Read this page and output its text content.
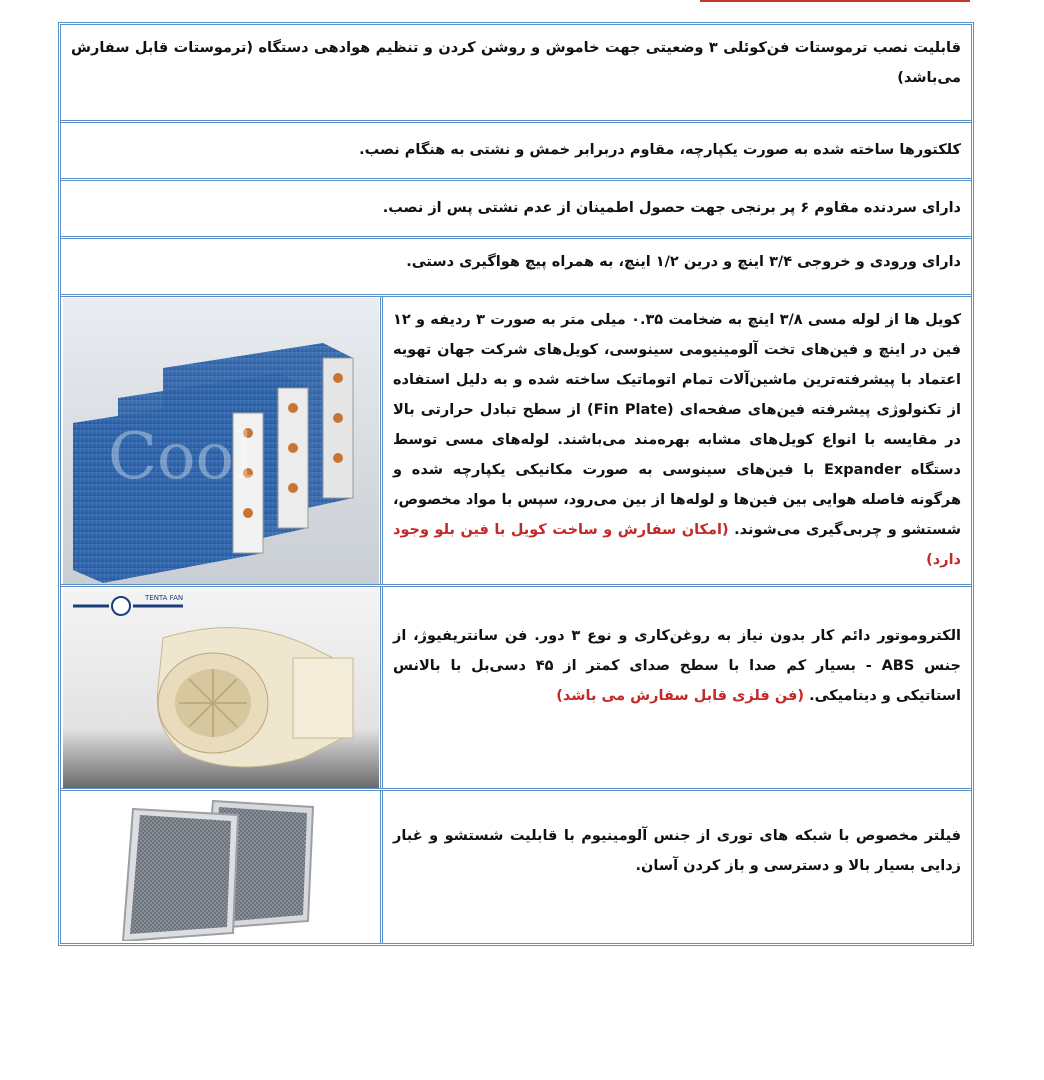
قابلیت نصب ترموستات فن‌کوئلی ۳ وضعیتی جهت خاموش و روشن کردن و تنظیم هوادهی دستگاه (ترموستات قابل سفارش می‌باشد)
کلکتورها ساخته شده به صورت یکپارچه، مقاوم دربرابر خمش و نشتی به هنگام نصب.
دارای سردنده مقاوم ۶ پر برنجی جهت حصول اطمینان از عدم نشتی پس از نصب.
دارای ورودی و خروجی ۳/۴ اینچ و درین ۱/۲ اینچ، به همراه پیچ هواگیری دستی.
Cool
کویل ها از لوله مسی ۳/۸ اینچ به ضخامت ۰.۳۵ میلی متر به صورت ۳ ردیفه و ۱۲ فین در اینچ و فین‌های تخت آلومینیومی سینوسی، کویل‌های شرکت جهان تهویه اعتماد با پیشرفته‌ترین ماشین‌آلات تمام اتوماتیک ساخته شده و به دلیل استفاده از تکنولوژی پیشرفته فین‌های صفحه‌ای (Fin Plate) از سطح تبادل حرارتی بالا در مقایسه با انواع کویل‌های مشابه بهره‌مند می‌باشند. لوله‌های مسی توسط دستگاه Expander با فین‌های سینوسی به صورت مکانیکی یکپارچه شده و هرگونه فاصله هوایی بین فین‌ها و لوله‌ها از بین می‌رود، سپس با مواد مخصوص، شستشو و چربی‌گیری می‌شوند. (امکان سفارش و ساخت کویل با فین بلو وجود دارد)
TENTA FAN
الکتروموتور دائم کار بدون نیاز به روغن‌کاری و نوع ۳ دور. فن سانتریفیوژ، از جنس ABS - بسیار کم صدا با سطح صدای کمتر از ۴۵ دسی‌بل با بالانس استاتیکی و دینامیکی. (فن فلزی قابل سفارش می باشد)
فیلتر مخصوص با شبکه های توری از جنس آلومینیوم با قابلیت شستشو و غبار زدایی بسیار بالا و دسترسی و باز کردن آسان.
